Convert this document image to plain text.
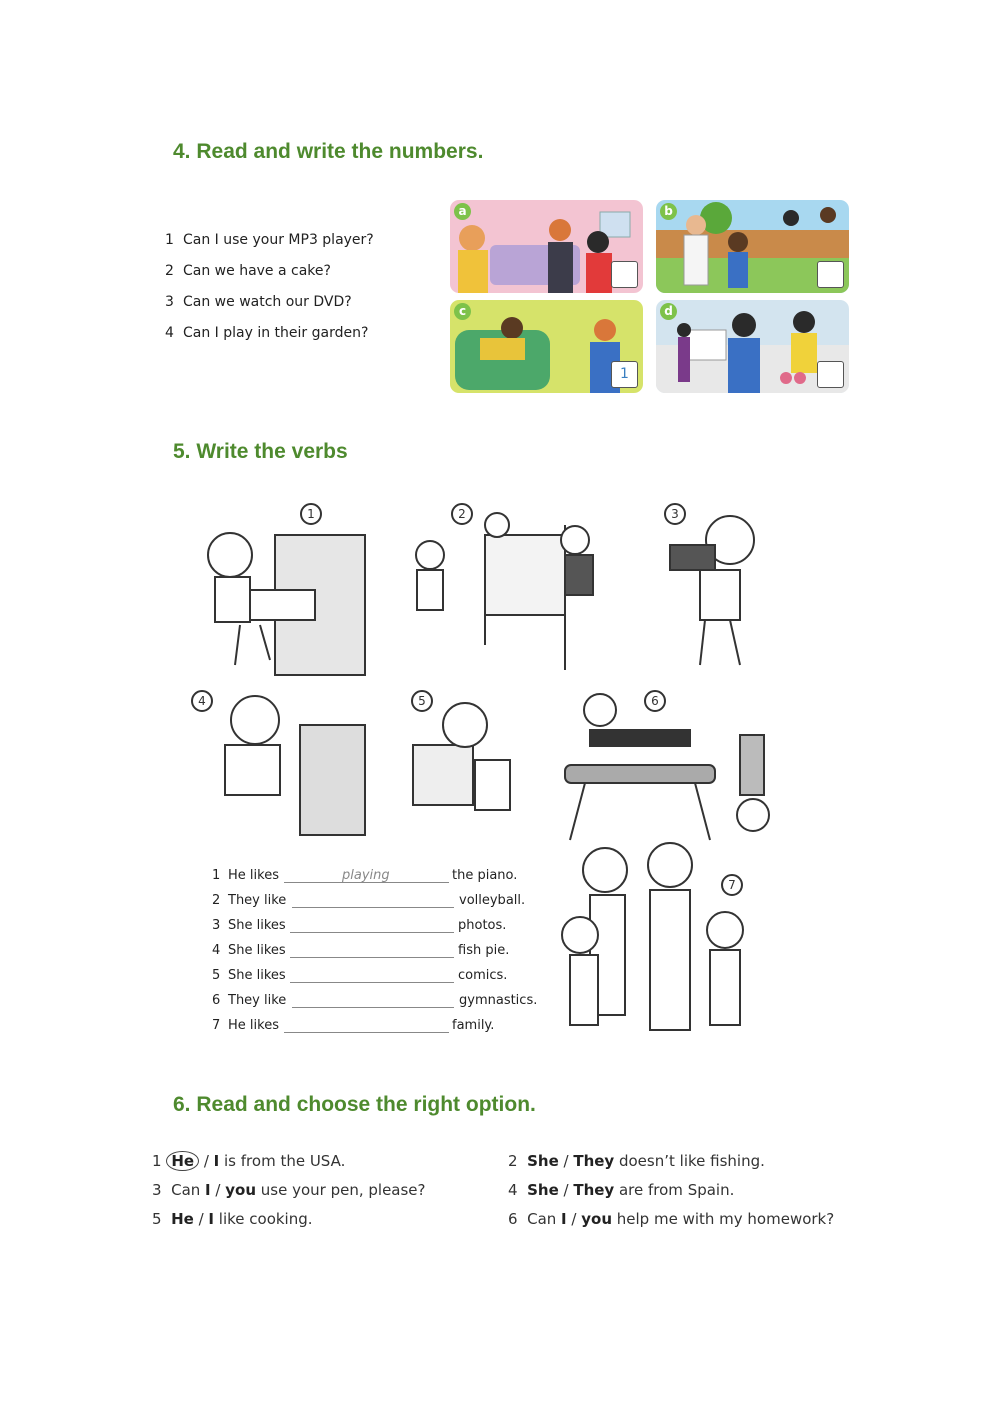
4. Read and write the numbers.
1 Can I use your MP3 player?
2 Can we have a cake?
3 Can we watch our DVD?
4 Can I play in their garden?
a	b
c
1
d
5. Write the verbs
1	2	3
4	5	6
7
1 He likes	playing	the piano.
2 They like	volleyball.
3 She likes	photos.
4 She likes	fish pie.
5 She likes	comics.
6 They like	gymnastics.
7 He likes	family.
6. Read and choose the right option.
1 He / I is from the USA.	2 She / They doesn’t like fishing.
3 Can I / you use your pen, please?	4 She / They are from Spain.
5 He / I like cooking.	6 Can I / you help me with my homework?
